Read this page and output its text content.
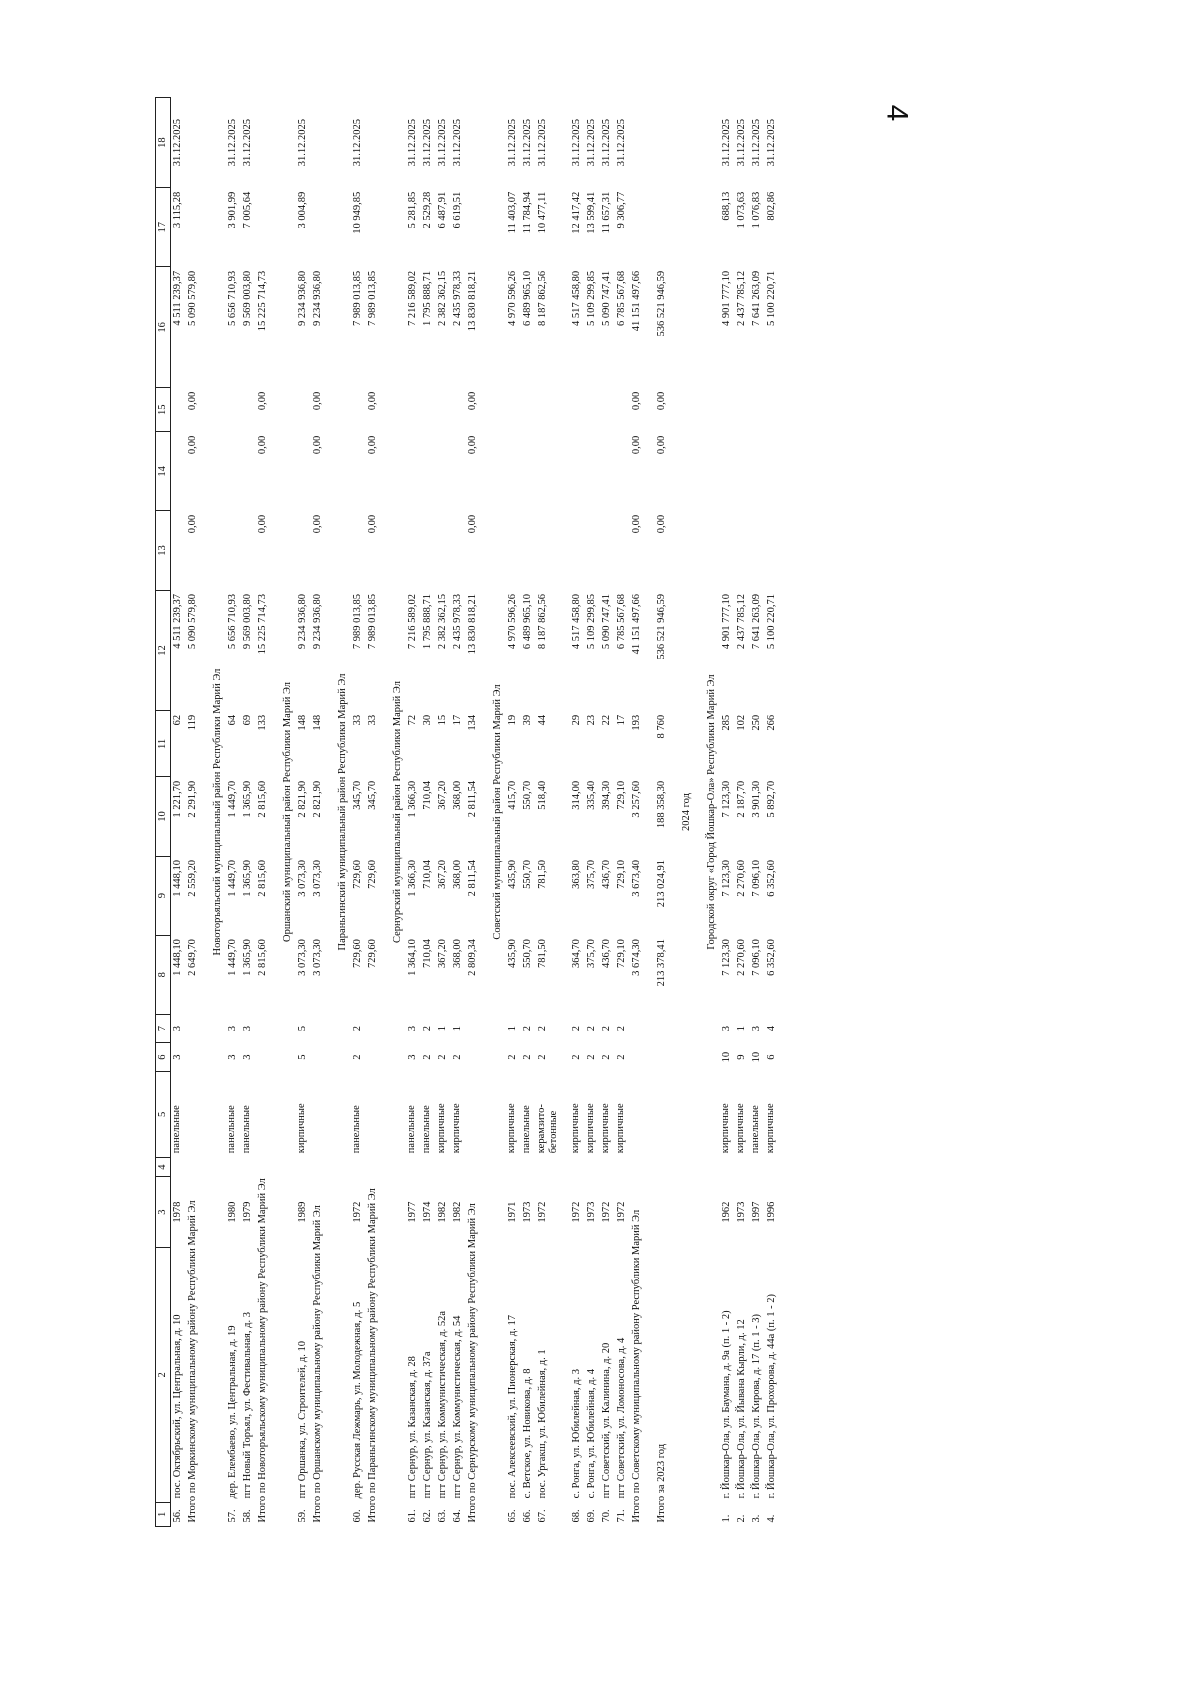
4
1	2	3	4	5	6	7	8	9	10	11	12	13	14	15	16	17	18
56.	пос. Октябрьский, ул. Центральная, д. 10	1978		панельные	3	3	1 448,10	1 448,10	1 221,70	62	4 511 239,37				4 511 239,37	3 115,28	31.12.2025
Итого по Моркинскому муниципальному району Республики Марий Эл							2 649,70	2 559,20	2 291,90	119	5 090 579,80	0,00	0,00	0,00	5 090 579,80		

Новоторъяльский муниципальный район Республики Марий Эл																	
57.	дер. Елембаево, ул. Центральная, д. 19	1980		панельные	3	3	1 449,70	1 449,70	1 449,70	64	5 656 710,93				5 656 710,93	3 901,99	31.12.2025
58.	пгт Новый Торъял, ул. Фестивальная, д. 3	1979		панельные	3	3	1 365,90	1 365,90	1 365,90	69	9 569 003,80				9 569 003,80	7 005,64	31.12.2025
Итого по Новоторъяльскому муниципальному району Республики Марий Эл							2 815,60	2 815,60	2 815,60	133	15 225 714,73	0,00	0,00	0,00	15 225 714,73		

Оршанский муниципальный район Республики Марий Эл																	
59.	пгт Оршанка, ул. Строителей, д. 10	1989		кирпичные	5	5	3 073,30	3 073,30	2 821,90	148	9 234 936,80				9 234 936,80	3 004,89	31.12.2025
Итого по Оршанскому муниципальному району Республики Марий Эл							3 073,30	3 073,30	2 821,90	148	9 234 936,80	0,00	0,00	0,00	9 234 936,80		

Параньгинский муниципальный район Республики Марий Эл																	
60.	дер. Русская Лежмарь, ул. Молодежная, д. 5	1972		панельные	2	2	729,60	729,60	345,70	33	7 989 013,85				7 989 013,85	10 949,85	31.12.2025
Итого по Параньгинскому муниципальному району Республики Марий Эл							729,60	729,60	345,70	33	7 989 013,85	0,00	0,00	0,00	7 989 013,85		

Сернурский муниципальный район Республики Марий Эл																	
61.	пгт Сернур, ул. Казанская, д. 28	1977		панельные	3	3	1 364,10	1 366,30	1 366,30	72	7 216 589,02				7 216 589,02	5 281,85	31.12.2025
62.	пгт Сернур, ул. Казанская, д. 37а	1974		панельные	2	2	710,04	710,04	710,04	30	1 795 888,71				1 795 888,71	2 529,28	31.12.2025
63.	пгт Сернур, ул. Коммунистическая, д. 52а	1982		кирпичные	2	1	367,20	367,20	367,20	15	2 382 362,15				2 382 362,15	6 487,91	31.12.2025
64.	пгт Сернур, ул. Коммунистическая, д. 54	1982		кирпичные	2	1	368,00	368,00	368,00	17	2 435 978,33				2 435 978,33	6 619,51	31.12.2025
Итого по Сернурскому муниципальному району Республики Марий Эл							2 809,34	2 811,54	2 811,54	134	13 830 818,21	0,00	0,00	0,00	13 830 818,21		

Советский муниципальный район Республики Марий Эл																	
65.	пос. Алексеевский, ул. Пионерская, д. 17	1971		кирпичные	2	1	435,90	435,90	415,70	19	4 970 596,26				4 970 596,26	11 403,07	31.12.2025
66.	с. Ветское, ул. Новикова, д. 8	1973		панельные	2	2	550,70	550,70	550,70	39	6 489 965,10				6 489 965,10	11 784,94	31.12.2025
67.	пос. Ургакш, ул. Юбилейная, д. 1	1972		керамзито-бетонные	2	2	781,50	781,50	518,40	44	8 187 862,56				8 187 862,56	10 477,11	31.12.2025

68.	с. Ронга, ул. Юбилейная, д. 3	1972		кирпичные	2	2	364,70	363,80	314,00	29	4 517 458,80				4 517 458,80	12 417,42	31.12.2025
69.	с. Ронга, ул. Юбилейная, д. 4	1973		кирпичные	2	2	375,70	375,70	335,40	23	5 109 299,85				5 109 299,85	13 599,41	31.12.2025
70.	пгт Советский, ул. Калинина, д. 20	1972		кирпичные	2	2	436,70	436,70	394,30	22	5 090 747,41				5 090 747,41	11 657,31	31.12.2025
71.	пгт Советский, ул. Ломоносова, д. 4	1972		кирпичные	2	2	729,10	729,10	729,10	17	6 785 567,68				6 785 567,68	9 306,77	31.12.2025
Итого по Советскому муниципальному району Республики Марий Эл							3 674,30	3 673,40	3 257,60	193	41 151 497,66	0,00	0,00	0,00	41 151 497,66		

Итого за 2023 год							213 378,41	213 024,91	188 358,30	8 760	536 521 946,59	0,00	0,00	0,00	536 521 946,59		

2024 год																	

Городской округ «Город Йошкар-Ола» Республики Марий Эл																	
1.	г. Йошкар-Ола, ул. Баумана, д. 9а (п. 1 - 2)	1962		кирпичные	10	3	7 123,30	7 123,30	7 123,30	285	4 901 777,10				4 901 777,10	688,13	31.12.2025
2.	г. Йошкар-Ола, ул. Йывана Кырли, д. 12	1973		кирпичные	9	1	2 270,60	2 270,60	2 187,70	102	2 437 785,12				2 437 785,12	1 073,63	31.12.2025
3.	г. Йошкар-Ола, ул. Кирова, д. 17 (п. 1 - 3)	1997		панельные	10	3	7 096,10	7 096,10	3 901,30	250	7 641 263,09				7 641 263,09	1 076,83	31.12.2025
4.	г. Йошкар-Ола, ул. Прохорова, д. 44а (п. 1 - 2)	1996		кирпичные	6	4	6 352,60	6 352,60	5 892,70	266	5 100 220,71				5 100 220,71	802,86	31.12.2025
